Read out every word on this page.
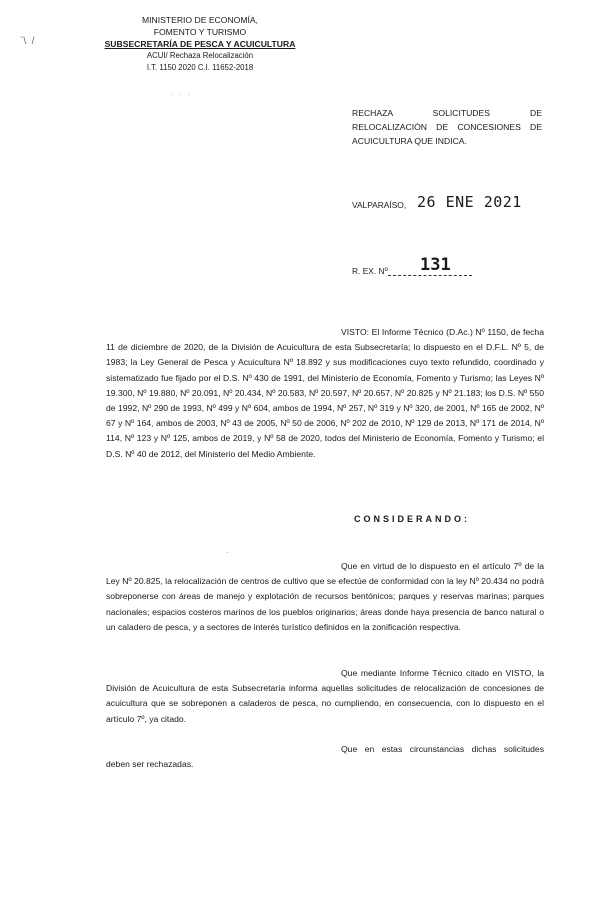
MINISTERIO DE ECONOMÍA,
FOMENTO Y TURISMO
SUBSECRETARÍA DE PESCA Y ACUICULTURA
ACUI/ Rechaza Relocalización
I.T. 1150 2020 C.I. 11652-2018
`\  /
· · ·
RECHAZA SOLICITUDES DE RELOCALIZACIÓN DE CONCESIONES DE ACUICULTURA QUE INDICA.
VALPARAÍSO, 26 ENE 2021
R. EX. Nº 131
VISTO: El Informe Técnico (D.Ac.) Nº 1150, de fecha 11 de diciembre de 2020, de la División de Acuicultura de esta Subsecretaría; lo dispuesto en el D.F.L. Nº 5, de 1983; la Ley General de Pesca y Acuicultura Nº 18.892 y sus modificaciones cuyo texto refundido, coordinado y sistematizado fue fijado por el D.S. Nº 430 de 1991, del Ministerio de Economía, Fomento y Turismo; las Leyes Nº 19.300, Nº 19.880, Nº 20.091, Nº 20.434, Nº 20.583, Nº 20.597, Nº 20.657, Nº 20.825 y Nº 21.183; los D.S. Nº 550 de 1992, Nº 290 de 1993, Nº 499 y Nº 604, ambos de 1994, Nº 257, Nº 319 y Nº 320, de 2001, Nº 165 de 2002, Nº 67 y Nº 164, ambos de 2003, Nº 43 de 2005, Nº 50 de 2006, Nº 202 de 2010, Nº 129 de 2013, Nº 171 de 2014, Nº 114, Nº 123 y Nº 125, ambos de 2019, y Nº 58 de 2020, todos del Ministerio de Economía, Fomento y Turismo; el D.S. Nº 40 de 2012, del Ministerio del Medio Ambiente.
CONSIDERANDO:
`
Que en virtud de lo dispuesto en el artículo 7º de la Ley Nº 20.825, la relocalización de centros de cultivo que se efectúe de conformidad con la ley Nº 20.434 no podrá sobreponerse con áreas de manejo y explotación de recursos bentónicos; parques y reservas marinas; parques nacionales; espacios costeros marinos de los pueblos originarios; áreas donde haya presencia de banco natural o un caladero de pesca, y a sectores de interés turístico definidos en la zonificación respectiva.
Que mediante Informe Técnico citado en VISTO, la División de Acuicultura de esta Subsecretaría informa aquellas solicitudes de relocalización de concesiones de acuicultura que se sobreponen a caladeros de pesca, no cumpliendo, en consecuencia, con lo dispuesto en el artículo 7º, ya citado.
Que en estas circunstancias dichas solicitudes deben ser rechazadas.
